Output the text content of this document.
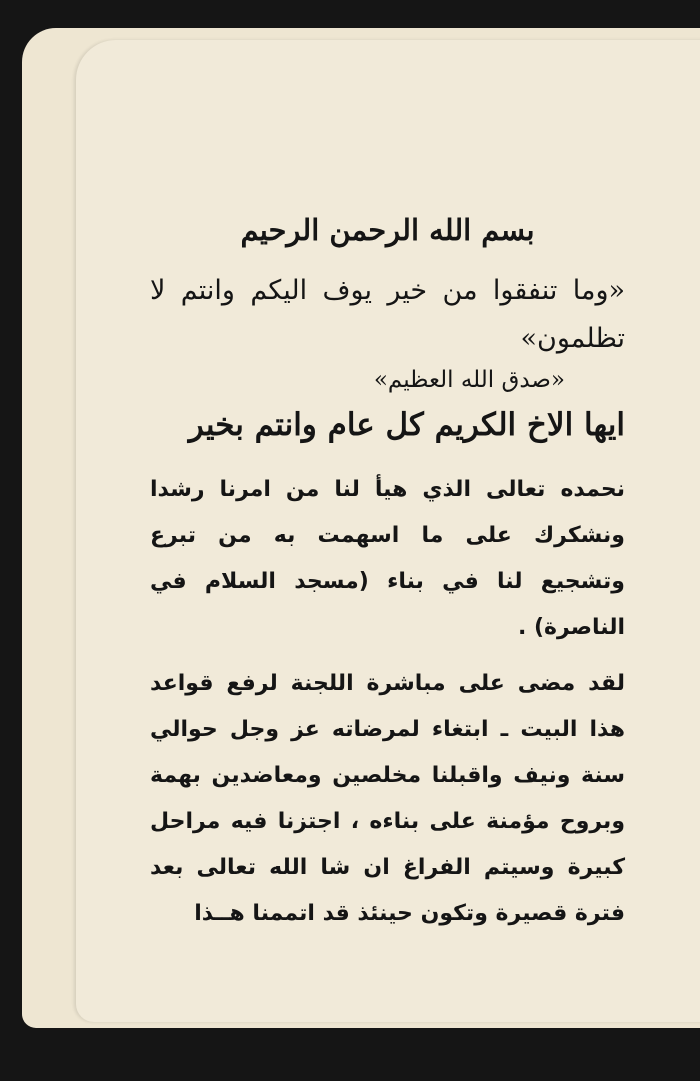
بسم الله الرحمن الرحيم
«وما تنفقوا من خير يوف اليكم وانتم لا تظلمون»
«صدق الله العظيم»
ايها الاخ الكريم كل عام وانتم بخير
نحمده تعالى الذي هيأ لنا من امرنا رشدا ونشكرك على ما اسهمت به من تبرع وتشجيع لنا في بناء (مسجد السلام في الناصرة) .
لقد مضى على مباشرة اللجنة لرفع قواعد هذا البيت ـ ابتغاء لمرضاته عز وجل حوالي سنة ونيف واقبلنا مخلصين ومعاضدين بهمة وبروح مؤمنة على بناءه ، اجتزنا فيه مراحل كبيرة وسيتم الفراغ ان شا الله تعالى بعد فترة قصيرة وتكون حينئذ قد اتممنا هــذا
